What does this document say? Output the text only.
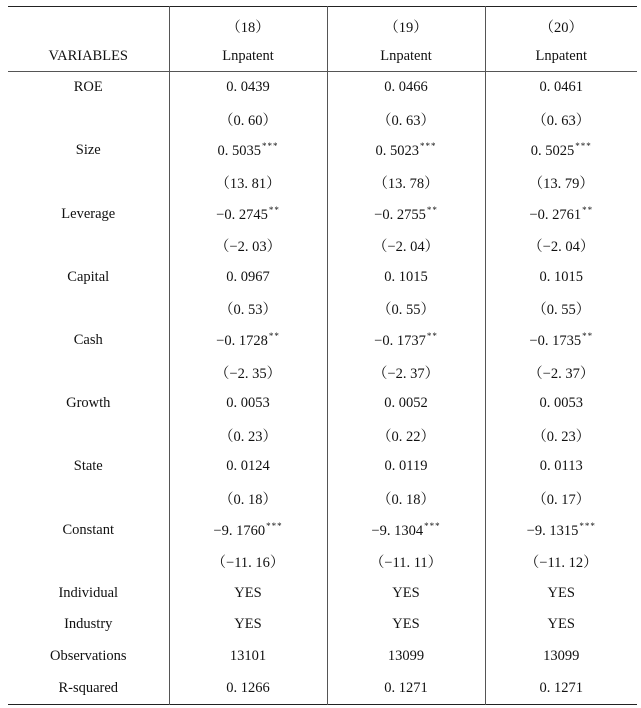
	（18）	（19）	（20）
VARIABLES	Lnpatent	Lnpatent	Lnpatent
ROE	0. 0439	0. 0466	0. 0461
	（0. 60）	（0. 63）	（0. 63）
Size	0. 5035***	0. 5023***	0. 5025***
	（13. 81）	（13. 78）	（13. 79）
Leverage	−0. 2745**	−0. 2755**	−0. 2761**
	（−2. 03）	（−2. 04）	（−2. 04）
Capital	0. 0967	0. 1015	0. 1015
	（0. 53）	（0. 55）	（0. 55）
Cash	−0. 1728**	−0. 1737**	−0. 1735**
	（−2. 35）	（−2. 37）	（−2. 37）
Growth	0. 0053	0. 0052	0. 0053
	（0. 23）	（0. 22）	（0. 23）
State	0. 0124	0. 0119	0. 0113
	（0. 18）	（0. 18）	（0. 17）
Constant	−9. 1760***	−9. 1304***	−9. 1315***
	（−11. 16）	（−11. 11）	（−11. 12）
Individual	YES	YES	YES
Industry	YES	YES	YES
Observations	13101	13099	13099
R-squared	0. 1266	0. 1271	0. 1271
